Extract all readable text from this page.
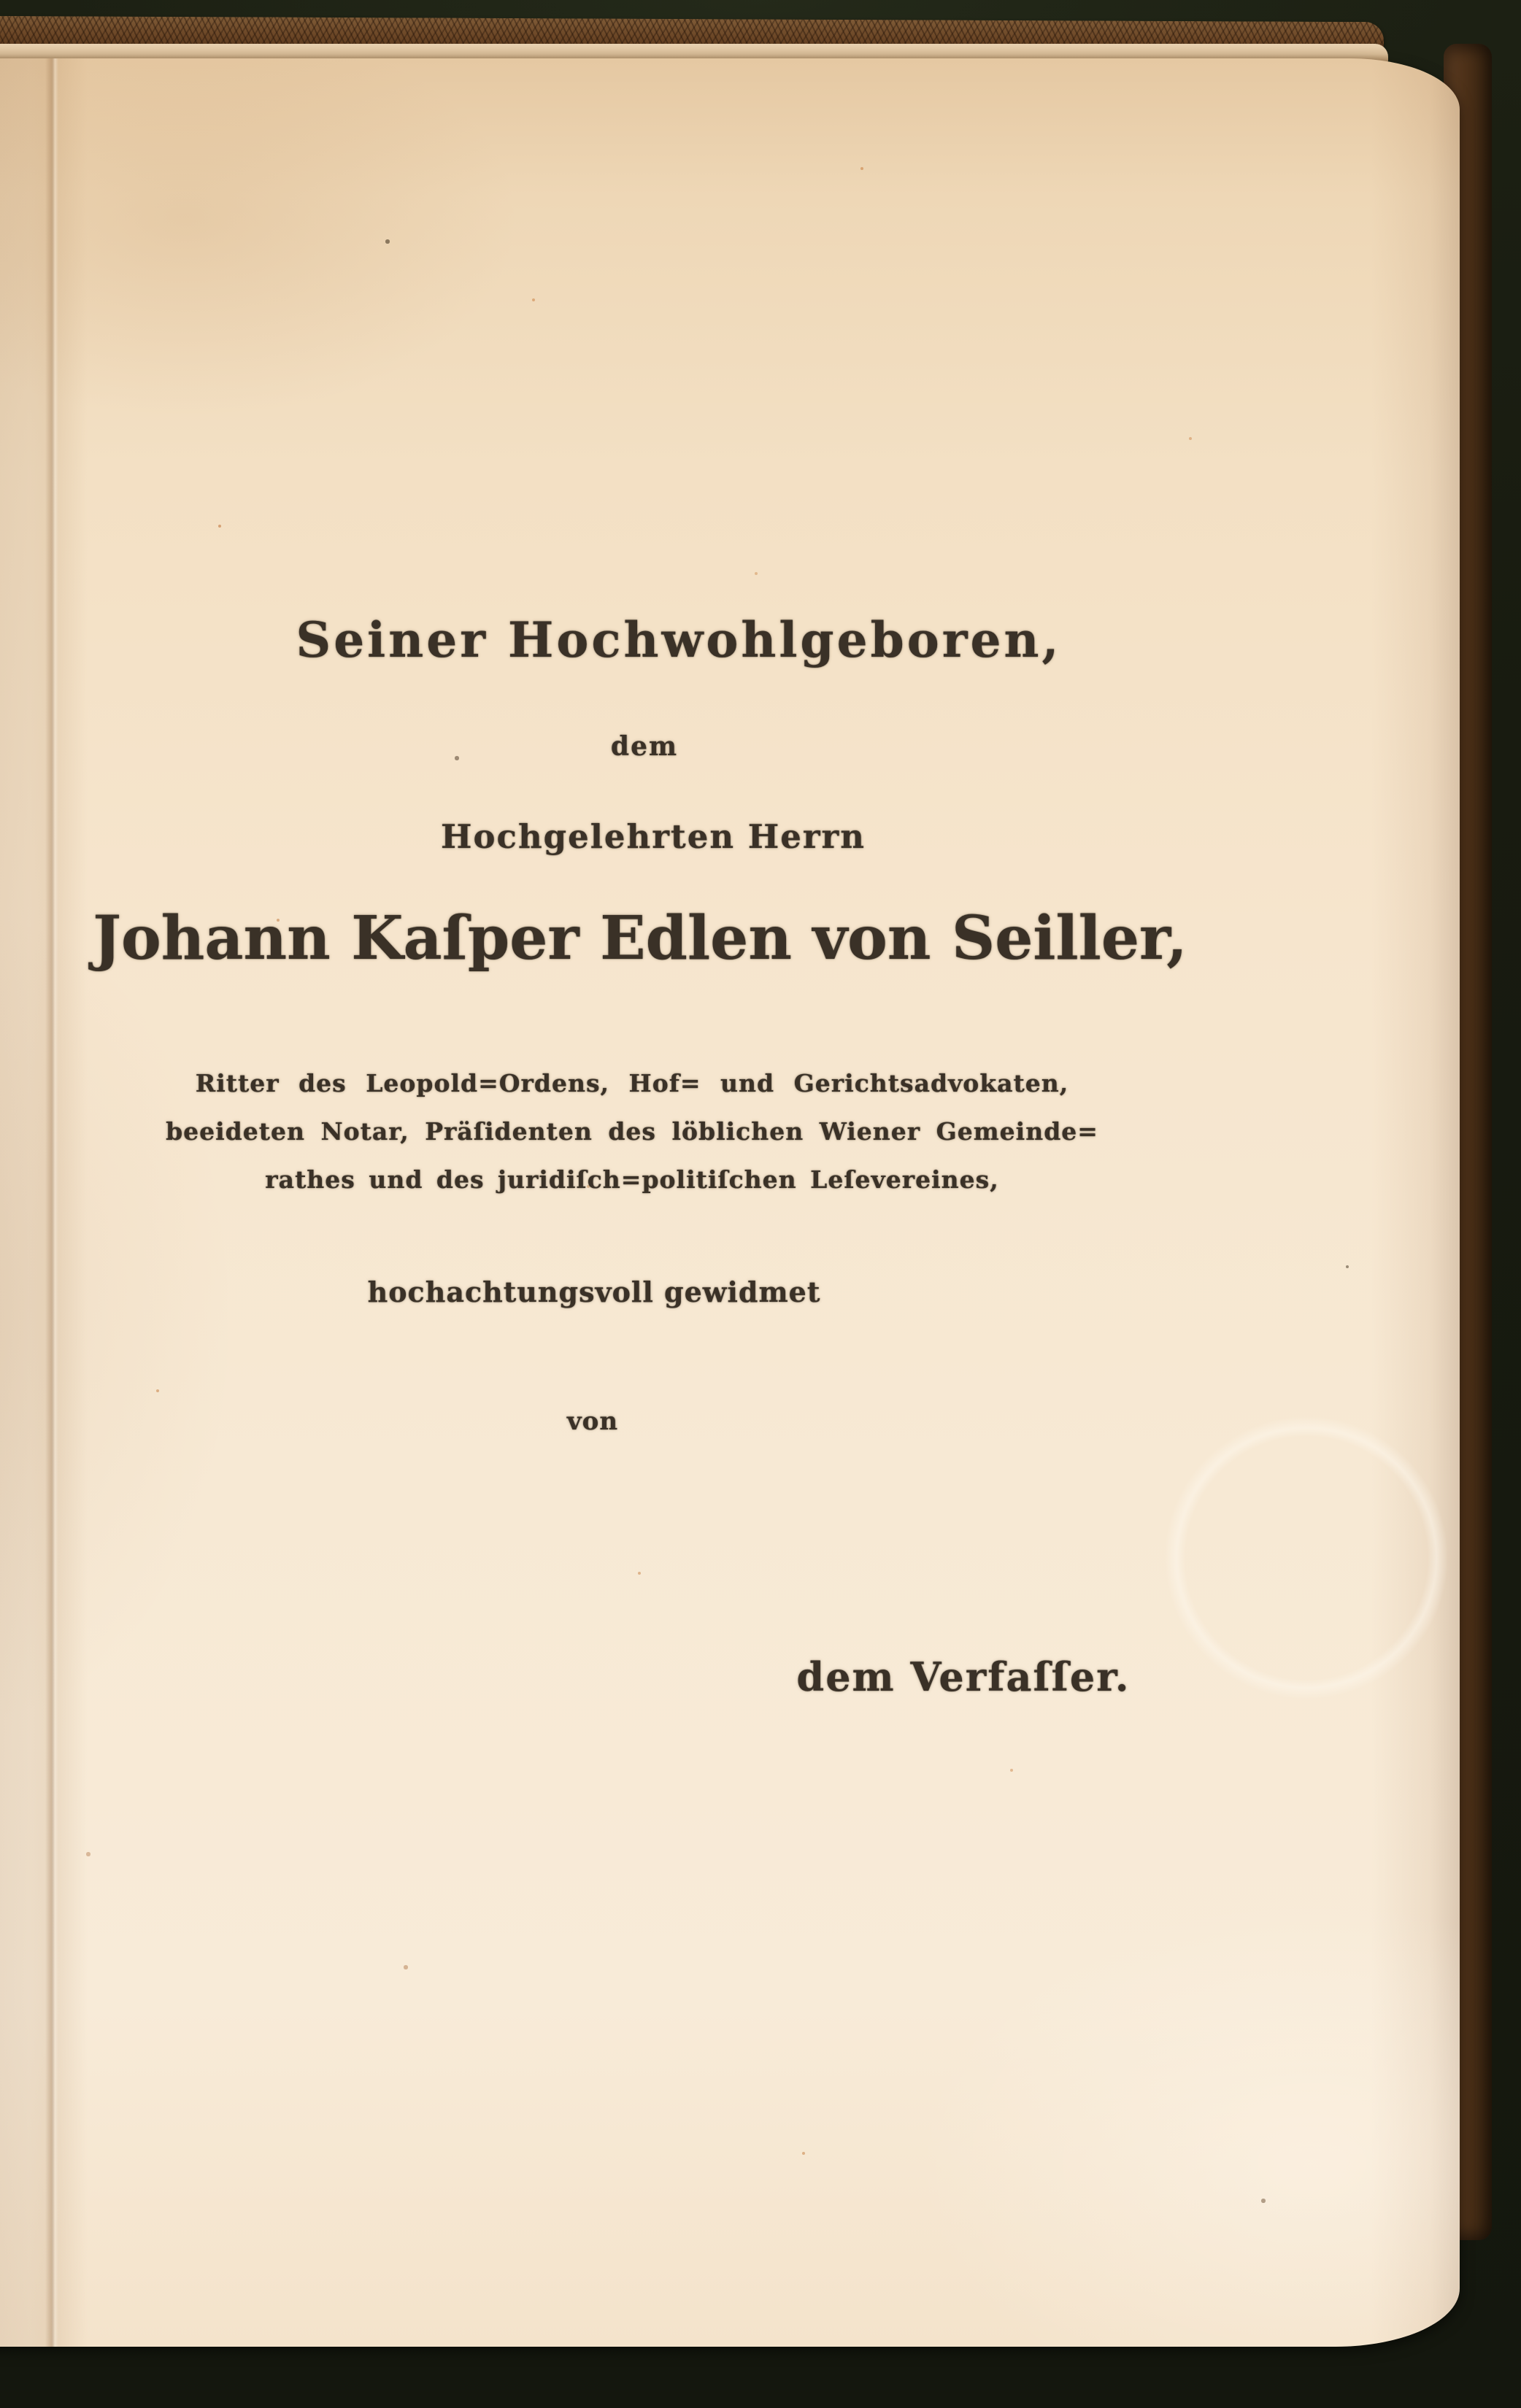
Seiner Hochwohlgeboren,
dem
Hochgelehrten Herrn
Johann Kaſper Edlen von Seiller,
Ritter des Leopold=Ordens, Hof= und Gerichtsadvokaten,
beeideten Notar, Präſidenten des löblichen Wiener Gemeinde=
rathes und des juridiſch=politiſchen Leſevereines,
hochachtungsvoll gewidmet
von
dem Verfaſſer.
